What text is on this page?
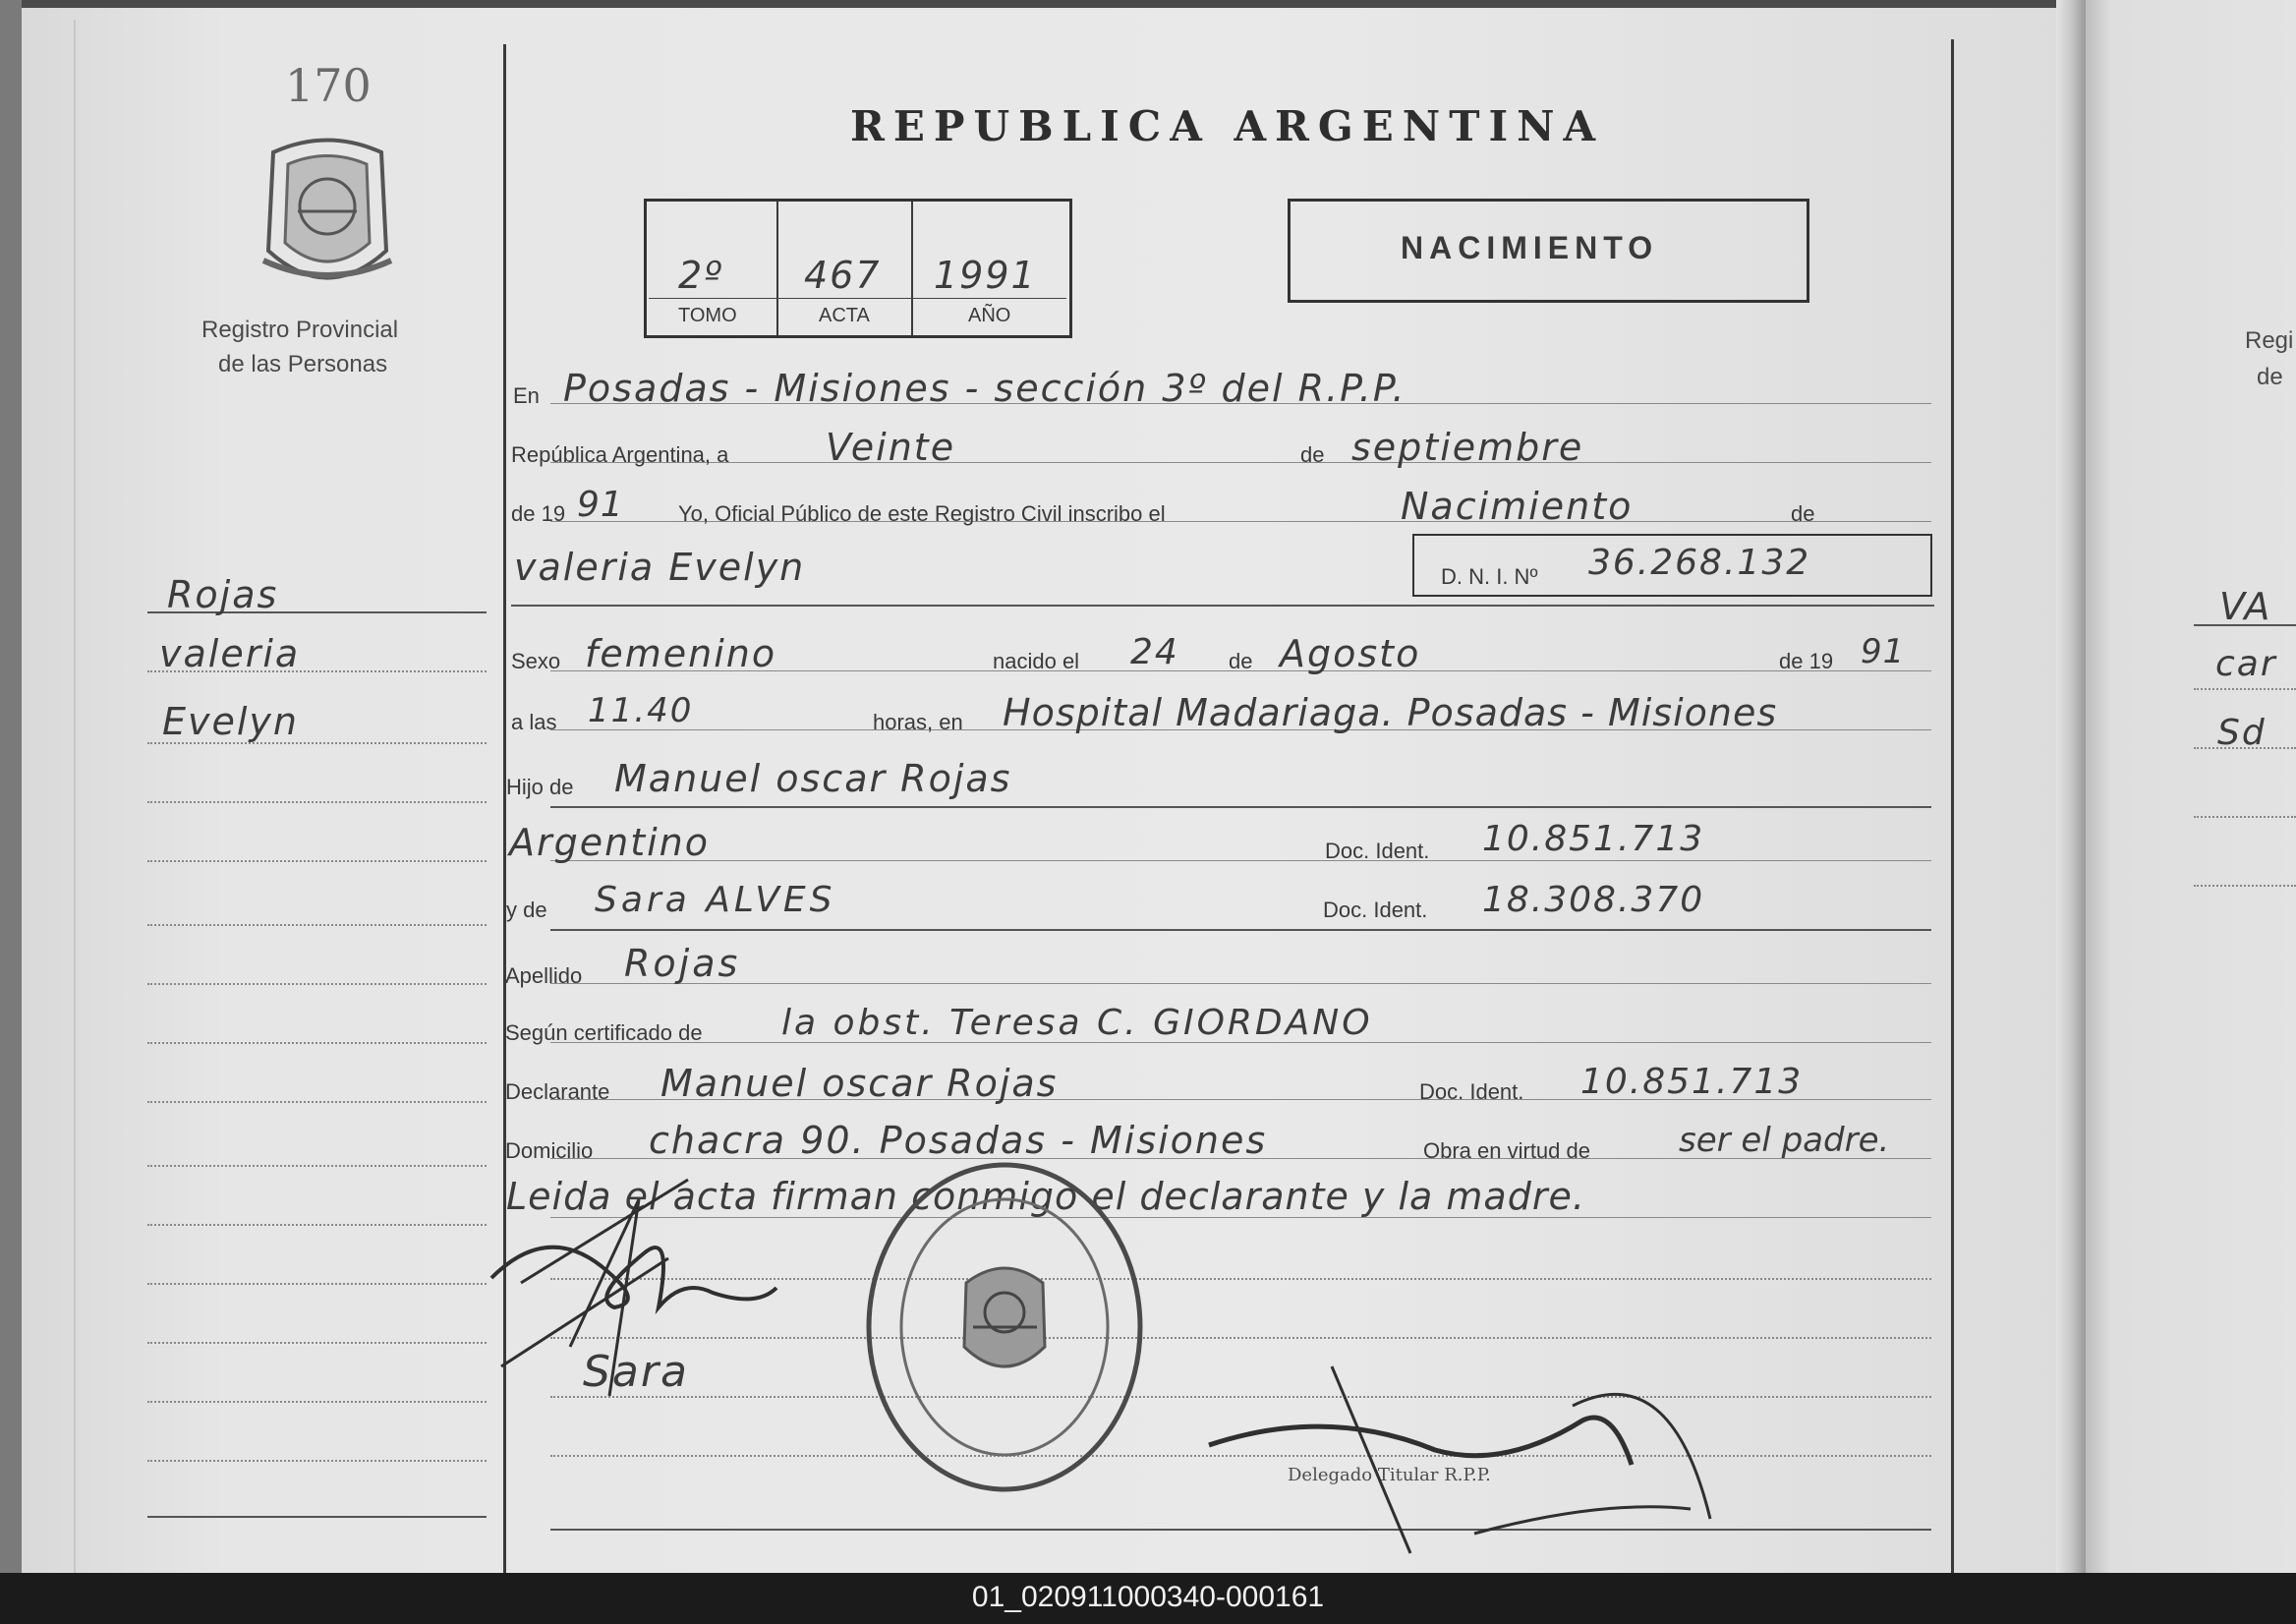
170
Registro Provincial
de las Personas
Rojas
valeria
Evelyn
REPUBLICA ARGENTINA
2º 467 1991
TOMO	ACTA	AÑO
NACIMIENTO
En Posadas - Misiones - sección 3º del R.P.P.
República Argentina, a	Veinte	de septiembre
de 19 91	Yo, Oficial Público de este Registro Civil inscribo el	Nacimiento	de
valeria Evelyn	D. N. I. Nº 36.268.132
Sexo femenino	nacido el 24 de Agosto	de 19 91
a las 11.40	horas, en Hospital Madariaga. Posadas - Misiones
Hijo de Manuel oscar Rojas
Argentino	Doc. Ident. 10.851.713
y de Sara ALVES	Doc. Ident. 18.308.370
Apellido Rojas
Según certificado de la obst. Teresa C. GIORDANO
Declarante Manuel oscar Rojas	Doc. Ident. 10.851.713
Domicilio chacra 90. Posadas - Misiones	Obra en virtud de	ser el padre.
Leida el acta firman conmigo el declarante y la madre.
Sara
Delegado Titular R.P.P.
Regi
de
VA
car
Sd
01_020911000340-000161
